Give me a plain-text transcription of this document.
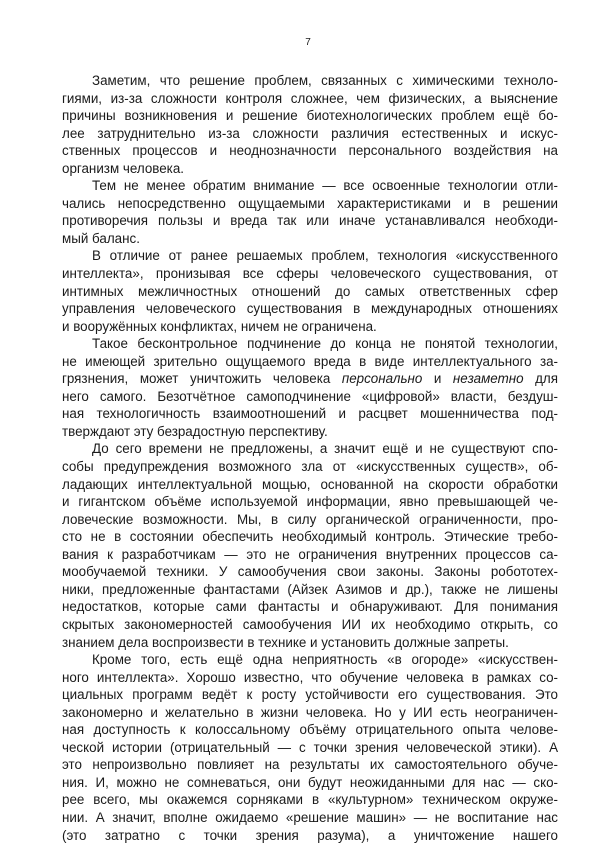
7
Заметим, что решение проблем, связанных с химическими техноло-
гиями, из-за сложности контроля сложнее, чем физических, а выяснение
причины возникновения и решение биотехнологических проблем ещё бо-
лее затруднительно из-за сложности различия естественных и искус-
ственных процессов и неоднозначности персонального воздействия на
организм человека.
Тем не менее обратим внимание — все освоенные технологии отли-
чались непосредственно ощущаемыми характеристиками и в решении
противоречия пользы и вреда так или иначе устанавливался необходи-
мый баланс.
В отличие от ранее решаемых проблем, технология «искусственного
интеллекта», пронизывая все сферы человеческого существования, от
интимных межличностных отношений до самых ответственных сфер
управления человеческого существования в международных отношениях
и вооружённых конфликтах, ничем не ограничена.
Такое бесконтрольное подчинение до конца не понятой технологии,
не имеющей зрительно ощущаемого вреда в виде интеллектуального за-
грязнения, может уничтожить человека персонально и незаметно для
него самого. Безотчётное самоподчинение «цифровой» власти, бездуш-
ная технологичность взаимоотношений и расцвет мошенничества под-
тверждают эту безрадостную перспективу.
До сего времени не предложены, а значит ещё и не существуют спо-
собы предупреждения возможного зла от «искусственных существ», об-
ладающих интеллектуальной мощью, основанной на скорости обработки
и гигантском объёме используемой информации, явно превышающей че-
ловеческие возможности. Мы, в силу органической ограниченности, про-
сто не в состоянии обеспечить необходимый контроль. Этические требо-
вания к разработчикам — это не ограничения внутренних процессов са-
мообучаемой техники. У самообучения свои законы. Законы робототех-
ники, предложенные фантастами (Айзек Азимов и др.), также не лишены
недостатков, которые сами фантасты и обнаруживают. Для понимания
скрытых закономерностей самообучения ИИ их необходимо открыть, со
знанием дела воспроизвести в технике и установить должные запреты.
Кроме того, есть ещё одна неприятность «в огороде» «искусствен-
ного интеллекта». Хорошо известно, что обучение человека в рамках со-
циальных программ ведёт к росту устойчивости его существования. Это
закономерно и желательно в жизни человека. Но у ИИ есть неограничен-
ная доступность к колоссальному объёму отрицательного опыта челове-
ческой истории (отрицательный — с точки зрения человеческой этики). А
это непроизвольно повлияет на результаты их самостоятельного обуче-
ния. И, можно не сомневаться, они будут неожиданными для нас — ско-
рее всего, мы окажемся сорняками в «культурном» техническом окруже-
нии. А значит, вполне ожидаемо «решение машин» — не воспитание нас
(это затратно с точки зрения разума), а уничтожение нашего
